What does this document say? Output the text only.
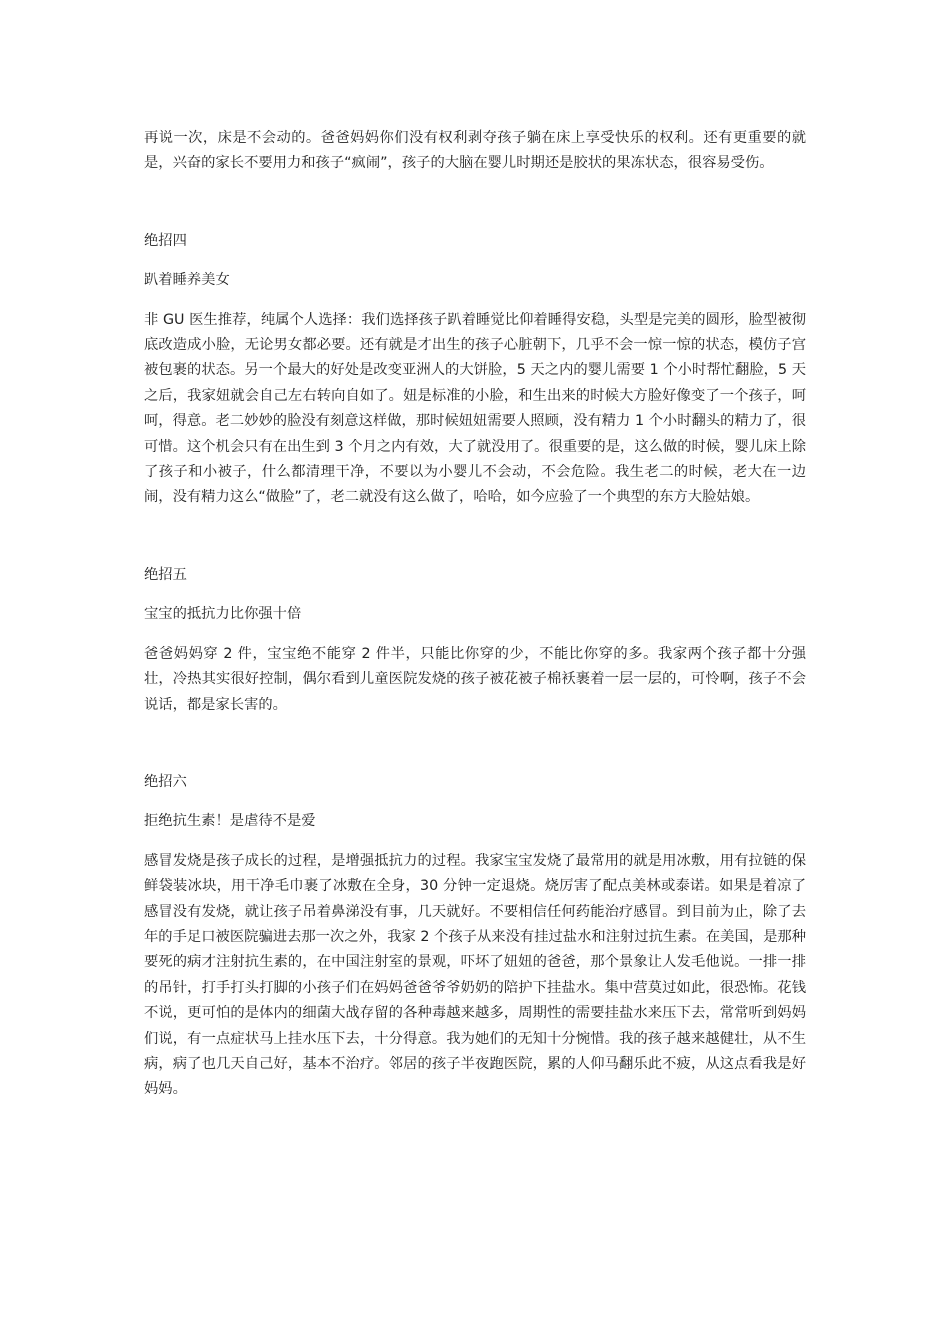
再说一次，床是不会动的。爸爸妈妈你们没有权利剥夺孩子躺在床上享受快乐的权利。还有更重要的就是，兴奋的家长不要用力和孩子“疯闹”，孩子的大脑在婴儿时期还是胶状的果冻状态，很容易受伤。

绝招四

趴着睡养美女

非 GU 医生推荐，纯属个人选择：我们选择孩子趴着睡觉比仰着睡得安稳，头型是完美的圆形，脸型被彻底改造成小脸，无论男女都必要。还有就是才出生的孩子心脏朝下，几乎不会一惊一惊的状态，模仿子宫被包裹的状态。另一个最大的好处是改变亚洲人的大饼脸，5 天之内的婴儿需要 1 个小时帮忙翻脸，5 天之后，我家妞就会自己左右转向自如了。妞是标准的小脸，和生出来的时候大方脸好像变了一个孩子，呵呵，得意。老二妙妙的脸没有刻意这样做，那时候妞妞需要人照顾，没有精力 1 个小时翻头的精力了，很可惜。这个机会只有在出生到 3 个月之内有效，大了就没用了。很重要的是，这么做的时候，婴儿床上除了孩子和小被子，什么都清理干净，不要以为小婴儿不会动，不会危险。我生老二的时候，老大在一边闹，没有精力这么“做脸”了，老二就没有这么做了，哈哈，如今应验了一个典型的东方大脸姑娘。

绝招五

宝宝的抵抗力比你强十倍

爸爸妈妈穿 2 件，宝宝绝不能穿 2 件半，只能比你穿的少，不能比你穿的多。我家两个孩子都十分强壮，冷热其实很好控制，偶尔看到儿童医院发烧的孩子被花被子棉袄裹着一层一层的，可怜啊，孩子不会说话，都是家长害的。

绝招六

拒绝抗生素！是虐待不是爱

感冒发烧是孩子成长的过程，是增强抵抗力的过程。我家宝宝发烧了最常用的就是用冰敷，用有拉链的保鲜袋装冰块，用干净毛巾裹了冰敷在全身，30 分钟一定退烧。烧厉害了配点美林或泰诺。如果是着凉了感冒没有发烧，就让孩子吊着鼻涕没有事，几天就好。不要相信任何药能治疗感冒。到目前为止，除了去年的手足口被医院骗进去那一次之外，我家 2 个孩子从来没有挂过盐水和注射过抗生素。在美国，是那种要死的病才注射抗生素的，在中国注射室的景观，吓坏了妞妞的爸爸，那个景象让人发毛他说。一排一排的吊针，打手打头打脚的小孩子们在妈妈爸爸爷爷奶奶的陪护下挂盐水。集中营莫过如此，很恐怖。花钱不说，更可怕的是体内的细菌大战存留的各种毒越来越多，周期性的需要挂盐水来压下去，常常听到妈妈们说，有一点症状马上挂水压下去，十分得意。我为她们的无知十分惋惜。我的孩子越来越健壮，从不生病，病了也几天自己好，基本不治疗。邻居的孩子半夜跑医院，累的人仰马翻乐此不疲，从这点看我是好妈妈。
